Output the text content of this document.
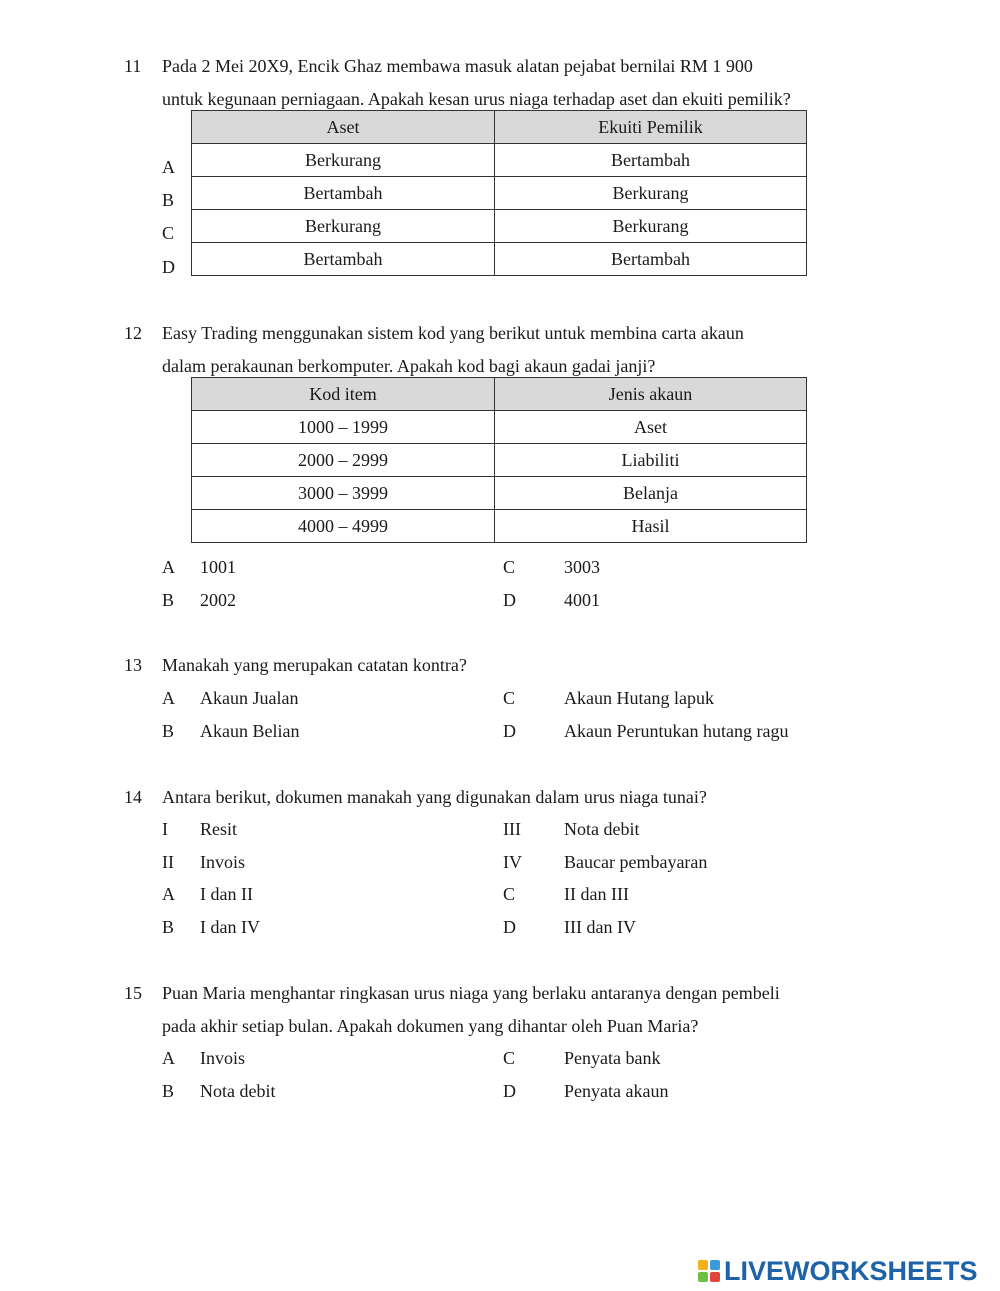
11 Pada 2 Mei 20X9, Encik Ghaz membawa masuk alatan pejabat bernilai RM 1 900
untuk kegunaan perniagaan. Apakah kesan urus niaga terhadap aset dan ekuiti pemilik?
Aset	Ekuiti Pemilik
Berkurang	Bertambah
Bertambah	Berkurang
Berkurang	Berkurang
Bertambah	Bertambah
A
B
C
D
12 Easy Trading menggunakan sistem kod yang berikut untuk membina carta akaun
dalam perakaunan berkomputer. Apakah kod bagi akaun gadai janji?
Kod item	Jenis akaun
1000 – 1999	Aset
2000 – 2999	Liabiliti
3000 – 3999	Belanja
4000 – 4999	Hasil
A 1001
B 2002
C	3003
D	4001
13 Manakah yang merupakan catatan kontra?
A Akaun Jualan
B Akaun Belian
C	Akaun Hutang lapuk
D	Akaun Peruntukan hutang ragu
14 Antara berikut, dokumen manakah yang digunakan dalam urus niaga tunai?
I Resit
II Invois
III Nota debit
IV Baucar pembayaran
A I dan II
B I dan IV
C	II dan III
D	III dan IV
15 Puan Maria menghantar ringkasan urus niaga yang berlaku antaranya dengan pembeli
pada akhir setiap bulan. Apakah dokumen yang dihantar oleh Puan Maria?
A Invois
B Nota debit
C	Penyata bank
D	Penyata akaun
LIVEWORKSHEETS
